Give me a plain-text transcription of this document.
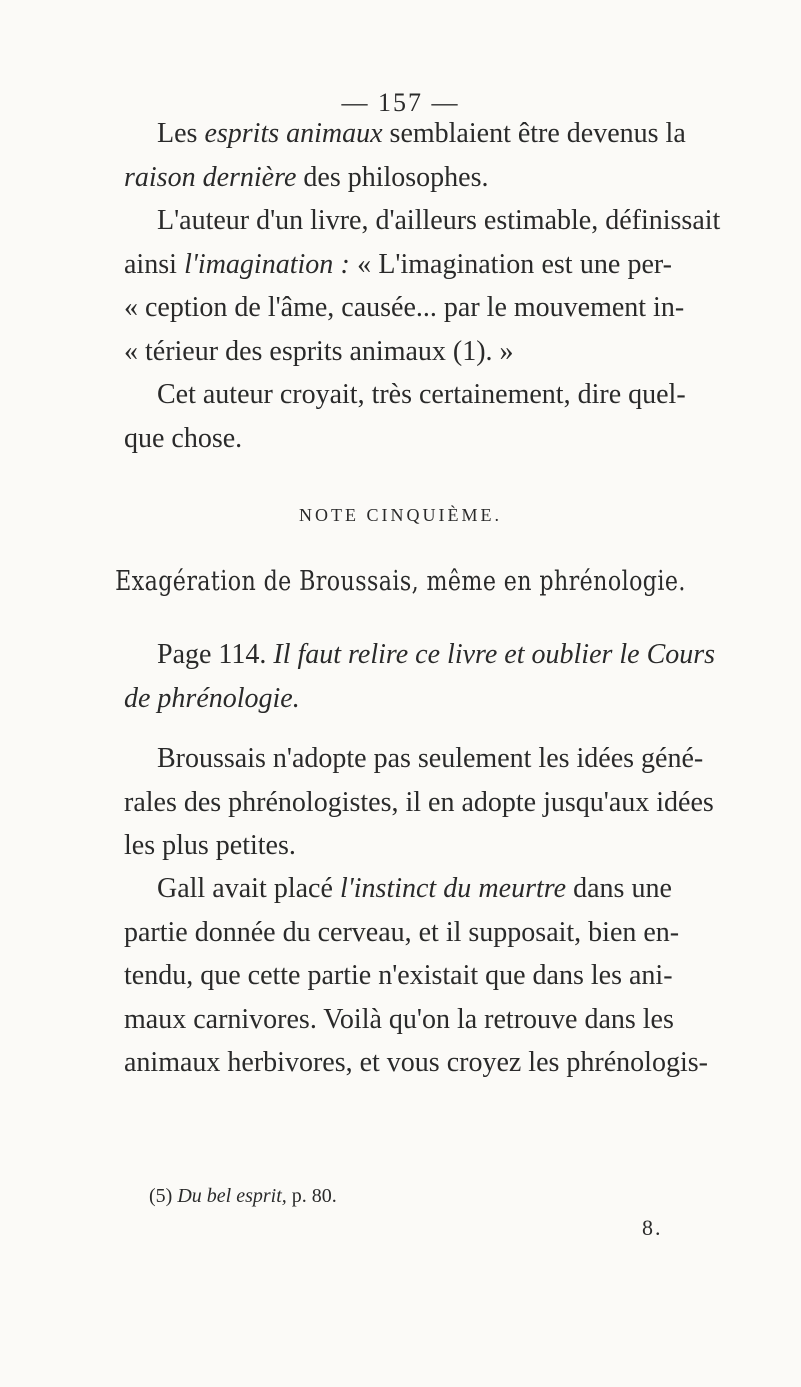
— 157 —
Les esprits animaux semblaient être devenus la
raison dernière des philosophes.
L'auteur d'un livre, d'ailleurs estimable, définissait
ainsi l'imagination : « L'imagination est une per-
« ception de l'âme, causée... par le mouvement in-
« térieur des esprits animaux (1). »
Cet auteur croyait, très certainement, dire quel-
que chose.
NOTE CINQUIÈME.
Exagération de Broussais, même en phrénologie.
Page 114. Il faut relire ce livre et oublier le Cours
de phrénologie.
Broussais n'adopte pas seulement les idées géné-
rales des phrénologistes, il en adopte jusqu'aux idées
les plus petites.
Gall avait placé l'instinct du meurtre dans une
partie donnée du cerveau, et il supposait, bien en-
tendu, que cette partie n'existait que dans les ani-
maux carnivores. Voilà qu'on la retrouve dans les
animaux herbivores, et vous croyez les phrénologis-
(5) Du bel esprit, p. 80.
8.
